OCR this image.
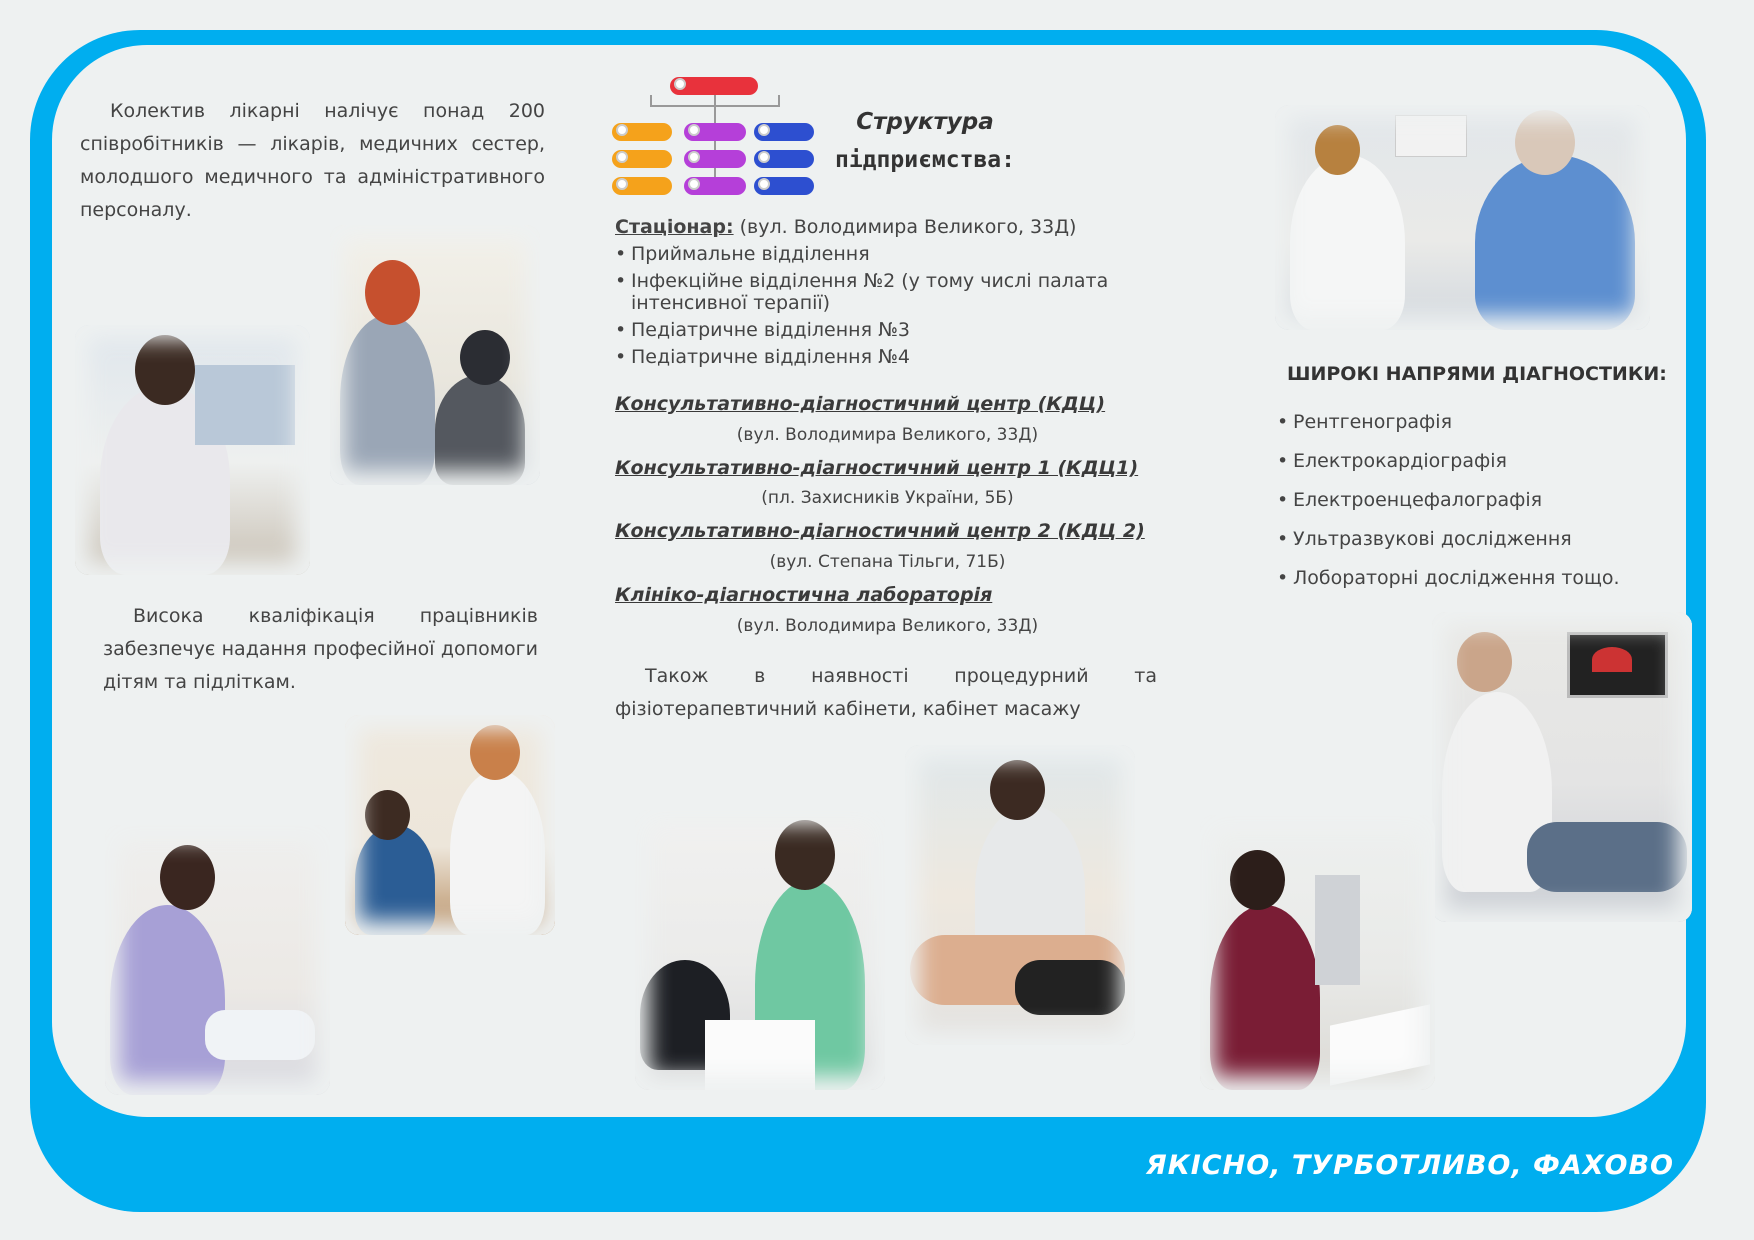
Колектив лікарні налічує понад 200 співробітників — лікарів, медичних сестер, молодшого медичного та адміністративного персоналу.
Висока кваліфікація працівників забезпечує надання професійної допомоги дітям та підліткам.
Структура
підприємства:
Стаціонар: (вул. Володимира Великого, 33Д)
• Приймальне відділення
• Інфекційне відділення №2 (у тому числі палата інтенсивної терапії)
• Педіатричне відділення №3
• Педіатричне відділення №4
Консультативно-діагностичний центр (КДЦ)
(вул. Володимира Великого, 33Д)
Консультативно-діагностичний центр 1 (КДЦ1)
(пл. Захисників України, 5Б)
Консультативно-діагностичний центр 2 (КДЦ 2)
(вул. Степана Тільги, 71Б)
Клініко-діагностична лабораторія
(вул. Володимира Великого, 33Д)
Також в наявності процедурний та фізіотерапевтичний кабінети, кабінет масажу
ШИРОКІ НАПРЯМИ ДІАГНОСТИКИ:
• Рентгенографія
• Електрокардіографія
• Електроенцефалографія
• Ультразвукові дослідження
• Лобораторні дослідження тощо.
ЯКІСНО, ТУРБОТЛИВО, ФАХОВО
